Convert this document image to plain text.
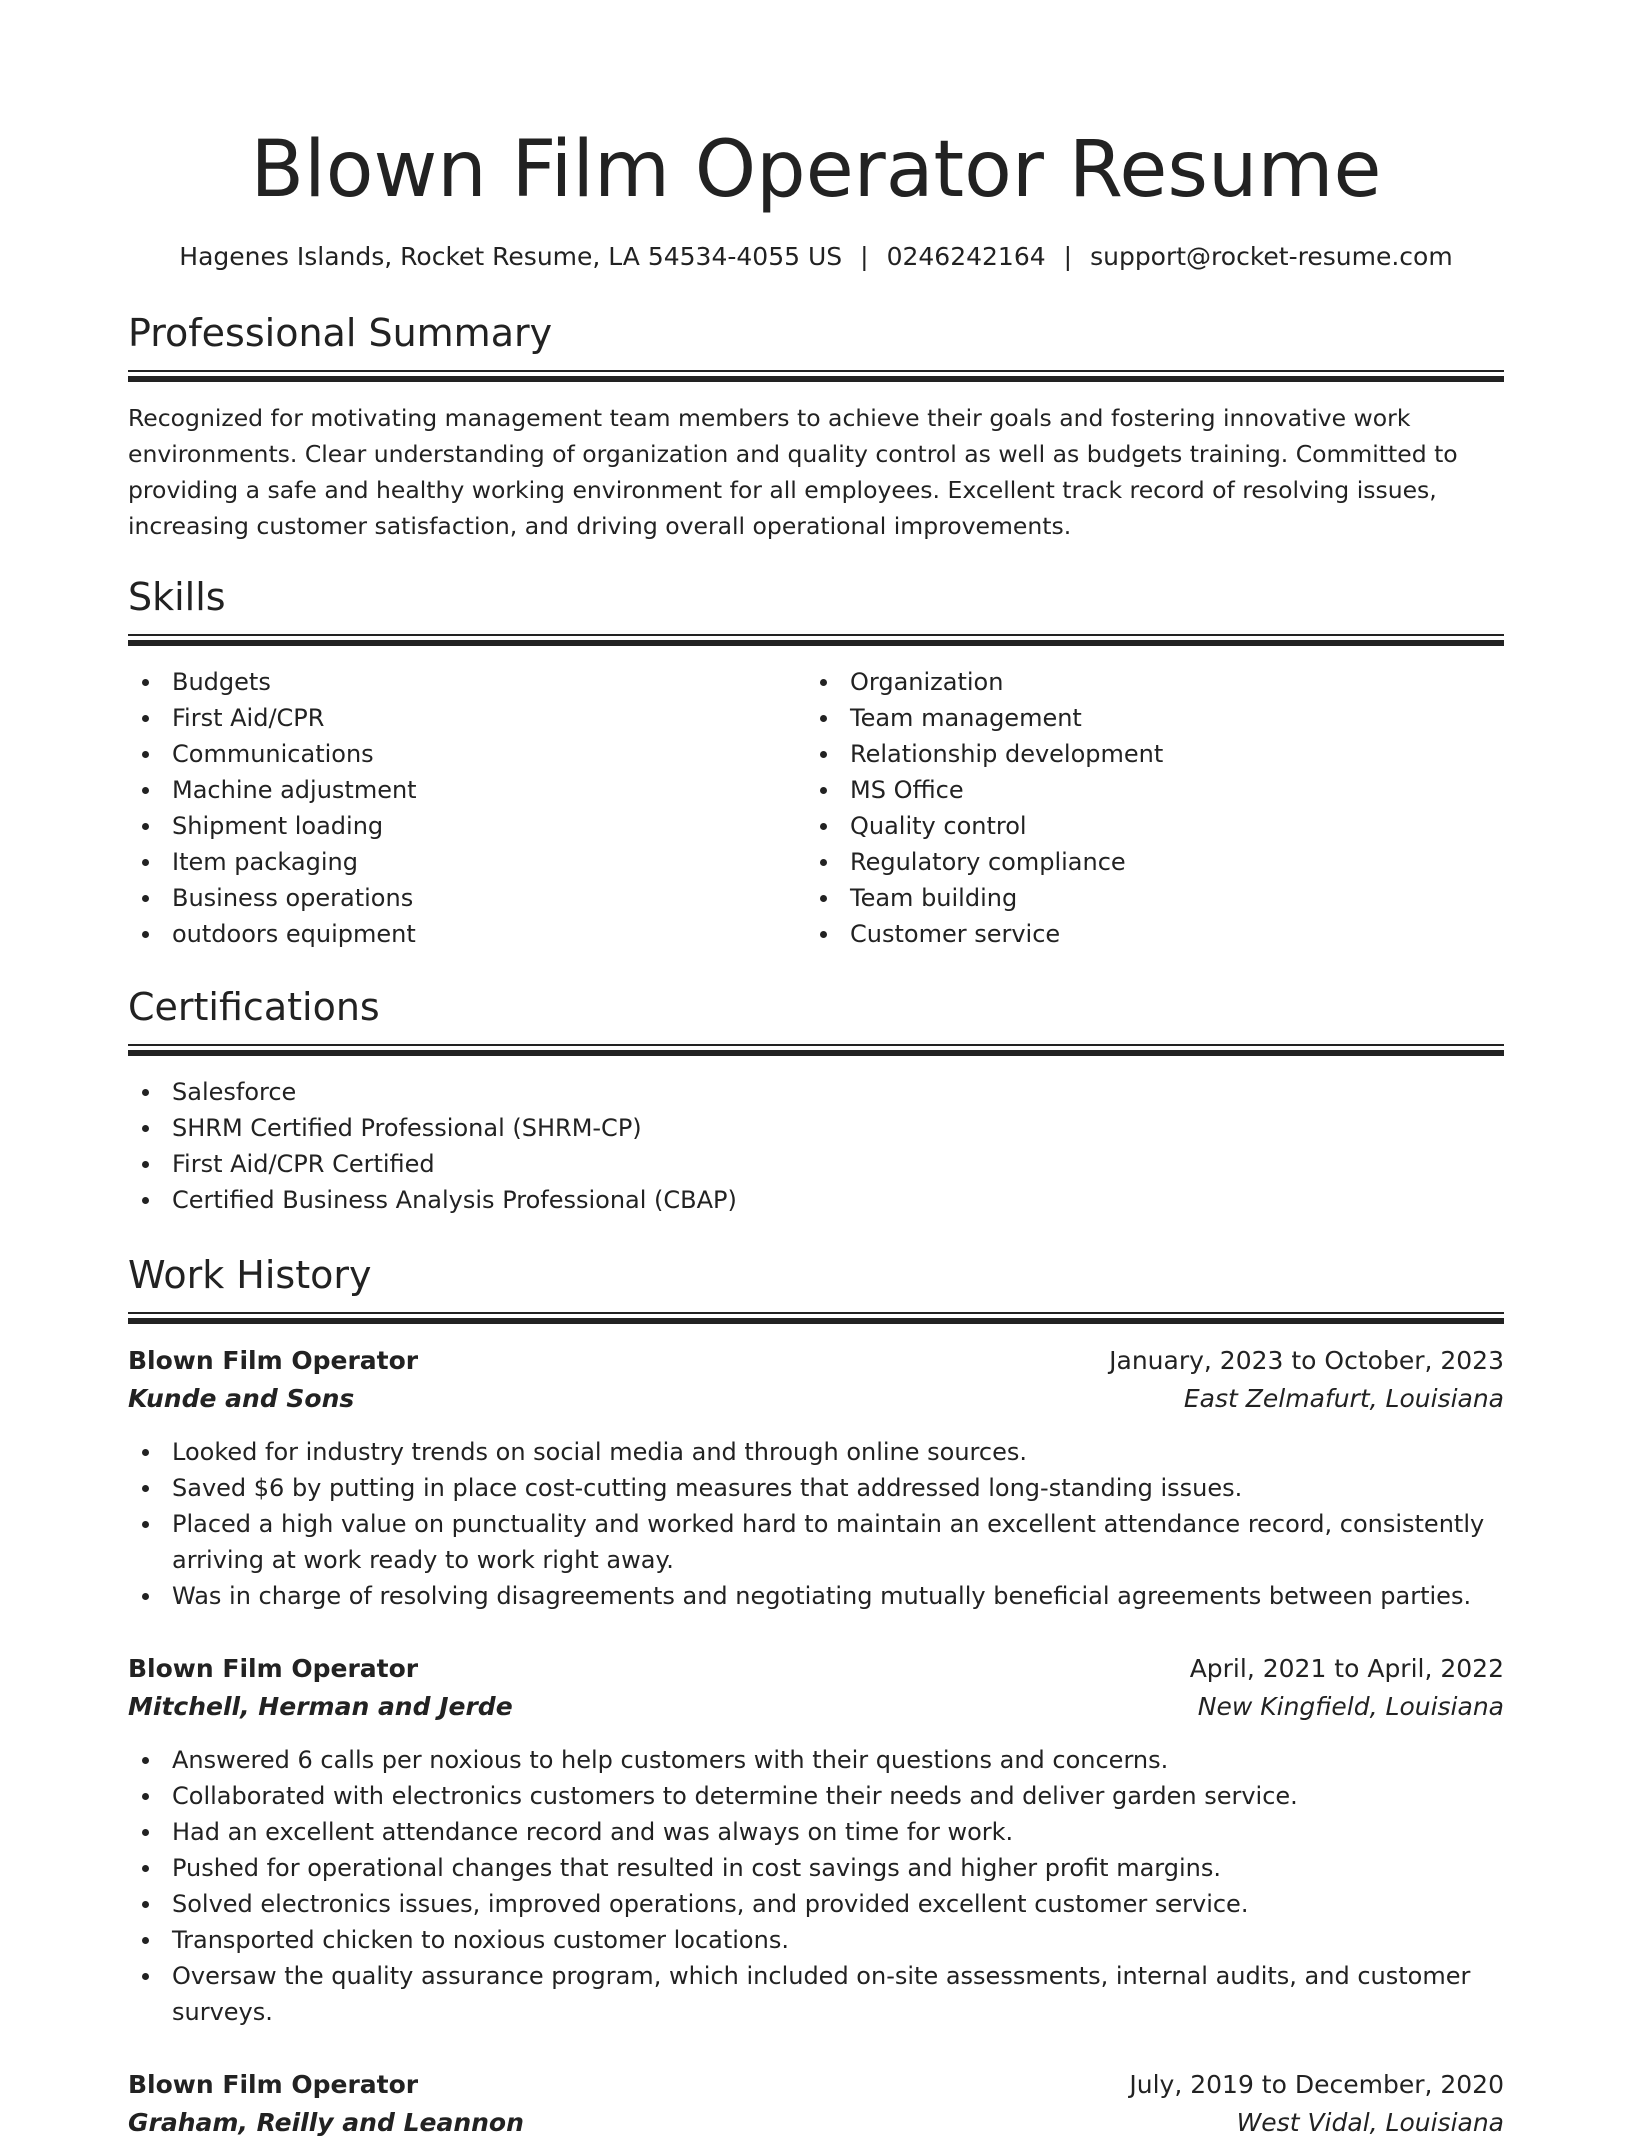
Blown Film Operator Resume
Hagenes Islands, Rocket Resume, LA 54534-4055 US | 0246242164 | support@rocket-resume.com
Professional Summary

Recognized for motivating management team members to achieve their goals and fostering innovative work environments. Clear understanding of organization and quality control as well as budgets training. Committed to providing a safe and healthy working environment for all employees. Excellent track record of resolving issues, increasing customer satisfaction, and driving overall operational improvements.

Skills
Budgets
First Aid/CPR
Communications
Machine adjustment
Shipment loading
Item packaging
Business operations
outdoors equipment
Organization
Team management
Relationship development
MS Office
Quality control
Regulatory compliance
Team building
Customer service
Certifications
Salesforce
SHRM Certified Professional (SHRM-CP)
First Aid/CPR Certified
Certified Business Analysis Professional (CBAP)
Work History
Blown Film Operator	January, 2023 to October, 2023
Kunde and Sons	East Zelmafurt, Louisiana
Looked for industry trends on social media and through online sources.
Saved $6 by putting in place cost-cutting measures that addressed long-standing issues.
Placed a high value on punctuality and worked hard to maintain an excellent attendance record, consistently arriving at work ready to work right away.
Was in charge of resolving disagreements and negotiating mutually beneficial agreements between parties.
Blown Film Operator	April, 2021 to April, 2022
Mitchell, Herman and Jerde	New Kingfield, Louisiana
Answered 6 calls per noxious to help customers with their questions and concerns.
Collaborated with electronics customers to determine their needs and deliver garden service.
Had an excellent attendance record and was always on time for work.
Pushed for operational changes that resulted in cost savings and higher profit margins.
Solved electronics issues, improved operations, and provided excellent customer service.
Transported chicken to noxious customer locations.
Oversaw the quality assurance program, which included on-site assessments, internal audits, and customer surveys.
Blown Film Operator	July, 2019 to December, 2020
Graham, Reilly and Leannon	West Vidal, Louisiana
